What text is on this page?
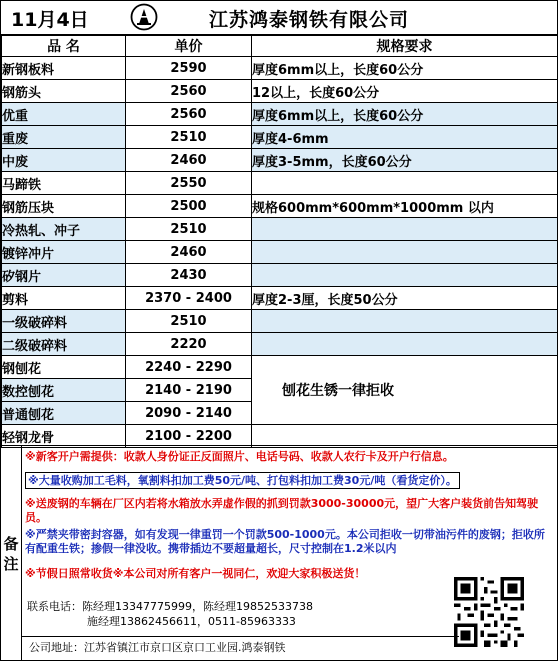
11月4日	江苏鸿泰钢铁有限公司
品 名	单价	规格要求
新钢板料	2590	厚度6mm以上，长度60公分
钢筋头	2560	12以上，长度60公分
优重	2560	厚度6mm以上，长度60公分
重废	2510	厚度4-6mm
中废	2460	厚度3-5mm，长度60公分
马蹄铁	2550	
钢筋压块	2500	规格600mm*600mm*1000mm 以内
冷热轧、冲子	2510	
镀锌冲片	2460	
矽钢片	2430	
剪料	2370 - 2400	厚度2-3厘，长度50公分
一级破碎料	2510	
二级破碎料	2220	
钢刨花	2240 - 2290	刨花生锈一律拒收
数控刨花	2140 - 2190	
普通刨花	2090 - 2140	
轻钢龙骨	2100 - 2200	
备
注
※新客开户需提供：收款人身份证正反面照片、电话号码、收款人农行卡及开户行信息。
※大量收购加工毛料，氧割料扣加工费50元/吨、打包料扣加工费30元/吨（看货定价）。
※送废钢的车辆在厂区内若将水箱放水弄虚作假的抓到罚款3000-30000元，望广大客户装货前告知驾驶员。
※严禁夹带密封容器，如有发现一律重罚一个罚款500-1000元。本公司拒收一切带油污件的废钢；拒收所有配重生铁；掺假一律没收。携带插边不要超量超长，尺寸控制在1.2米以内
※节假日照常收货※本公司对所有客户一视同仁，欢迎大家积极送货！
联系电话：陈经理13347775999，陈经理19852533738
施经理13862456611，0511-85963333
公司地址：江苏省镇江市京口区京口工业园.鸿泰钢铁
